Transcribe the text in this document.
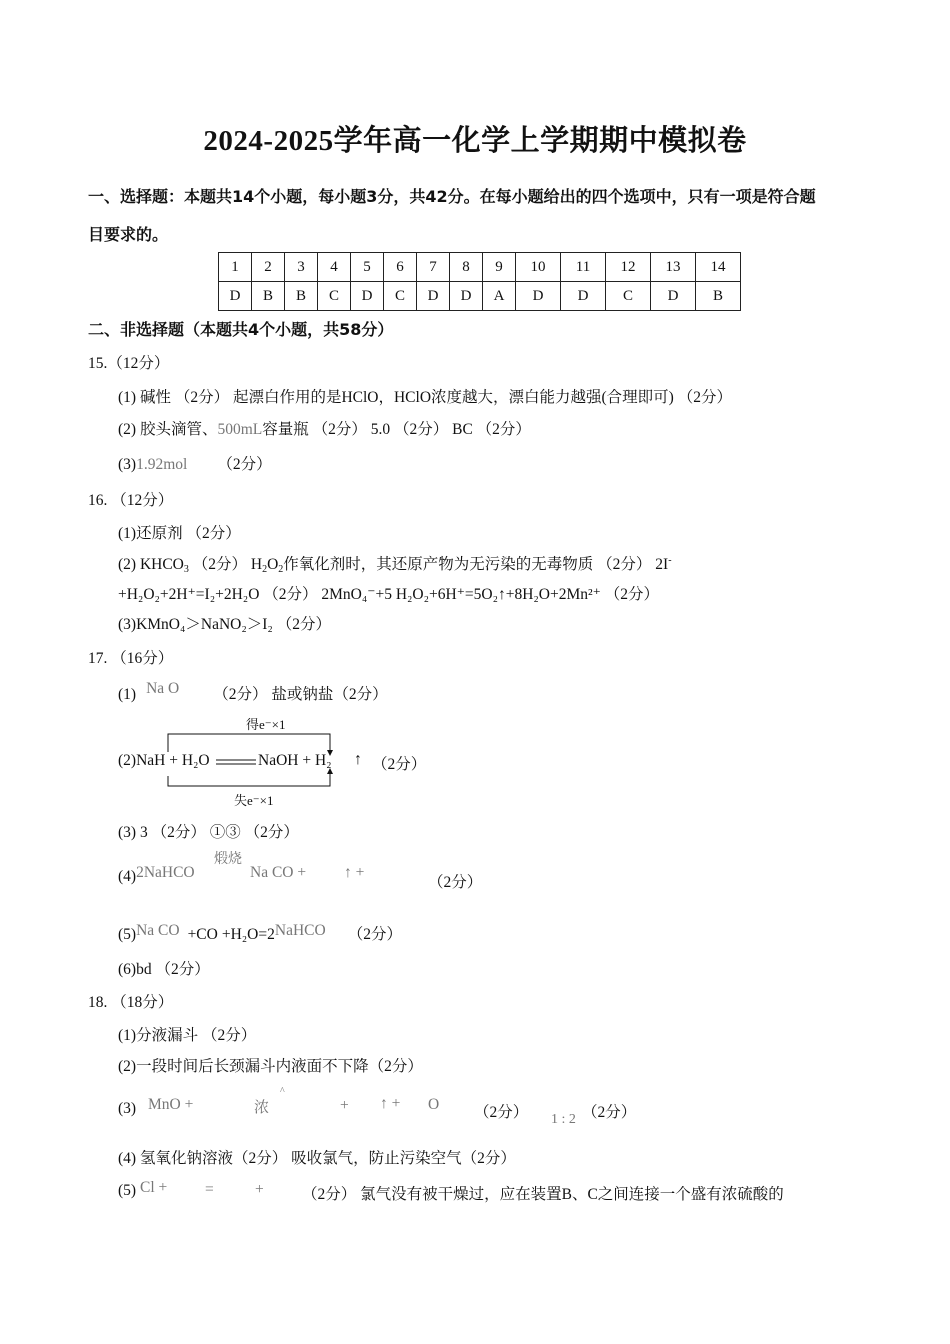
2024-2025学年高一化学上学期期中模拟卷
一、选择题：本题共14个小题，每小题3分，共42分。在每小题给出的四个选项中，只有一项是符合题
目要求的。
1	2	3	4	5	6	7	8	9	10	11	12	13	14
D	B	B	C	D	C	D	D	A	D	D	C	D	B
二、非选择题（本题共4个小题，共58分）
15.（12分）
(1) 碱性 （2分） 起漂白作用的是HClO，HClO浓度越大，漂白能力越强(合理即可) （2分）
(2) 胶头滴管、500mL容量瓶 （2分） 5.0 （2分） BC （2分）
(3)1.92mol （2分）
16. （12分）
(1)还原剂 （2分）
(2) $KHCO_3$ （2分） $H_2O_2$作氧化剂时，其还原产物为无污染的无毒物质 （2分） 2I-
+H₂O₂+2H⁺=I₂+2H₂O （2分） 2MnO₄⁻+5 H₂O₂+6H⁺=5O₂↑+8H₂O+2Mn²⁺ （2分）
(3)KMnO₄＞NaNO₂＞I₂ （2分）
17. （16分）
(1) Na O （2分） 盐或钠盐（2分）
得e⁻×1
(2)NaH + H₂O	NaOH + H₂ ↑ （2分）
失e⁻×1
(3) 3 （2分） ①③ （2分）
(4)2NaHCO
煅烧
Na CO + ↑ +
（2分）
(5)Na CO +CO +H₂O=2NaHCO （2分）
(6)bd （2分）
18. （18分）
(1)分液漏斗 （2分）
(2)一段时间后长颈漏斗内液面不下降（2分）
(3) MnO +	浓
^
+ ↑ + O （2分） 1 : 2 （2分）
(4) 氢氧化钠溶液（2分） 吸收氯气，防止污染空气（2分）
(5) Cl + =	+ （2分） 氯气没有被干燥过，应在装置B、C之间连接一个盛有浓硫酸的
